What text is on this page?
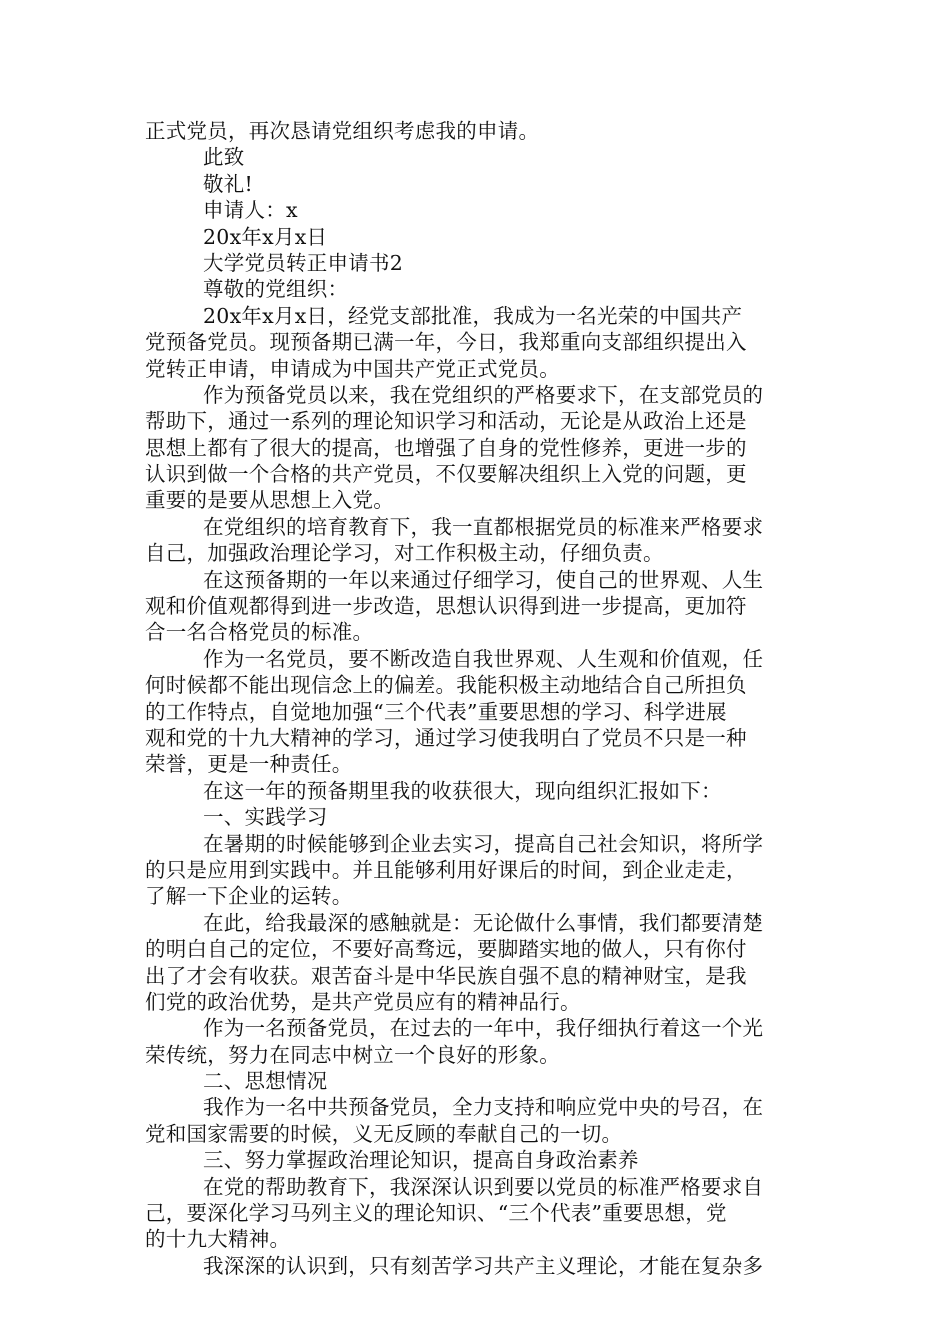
正式党员，再次恳请党组织考虑我的申请。
此致
敬礼!
申请人：x
20x年x月x日
大学党员转正申请书2
尊敬的党组织：
20x年x月x日，经党支部批准，我成为一名光荣的中国共产
党预备党员。现预备期已满一年，今日，我郑重向支部组织提出入
党转正申请，申请成为中国共产党正式党员。
作为预备党员以来，我在党组织的严格要求下，在支部党员的
帮助下，通过一系列的理论知识学习和活动，无论是从政治上还是
思想上都有了很大的提高，也增强了自身的党性修养，更进一步的
认识到做一个合格的共产党员，不仅要解决组织上入党的问题，更
重要的是要从思想上入党。
在党组织的培育教育下，我一直都根据党员的标准来严格要求
自己，加强政治理论学习，对工作积极主动，仔细负责。
在这预备期的一年以来通过仔细学习，使自己的世界观、人生
观和价值观都得到进一步改造，思想认识得到进一步提高，更加符
合一名合格党员的标准。
作为一名党员，要不断改造自我世界观、人生观和价值观，任
何时候都不能出现信念上的偏差。我能积极主动地结合自己所担负
的工作特点，自觉地加强“三个代表”重要思想的学习、科学进展
观和党的十九大精神的学习，通过学习使我明白了党员不只是一种
荣誉，更是一种责任。
在这一年的预备期里我的收获很大，现向组织汇报如下：
一、实践学习
在暑期的时候能够到企业去实习，提高自己社会知识，将所学
的只是应用到实践中。并且能够利用好课后的时间，到企业走走，
了解一下企业的运转。
在此，给我最深的感触就是：无论做什么事情，我们都要清楚
的明白自己的定位，不要好高骛远，要脚踏实地的做人，只有你付
出了才会有收获。艰苦奋斗是中华民族自强不息的精神财宝，是我
们党的政治优势，是共产党员应有的精神品行。
作为一名预备党员，在过去的一年中，我仔细执行着这一个光
荣传统，努力在同志中树立一个良好的形象。
二、思想情况
我作为一名中共预备党员，全力支持和响应党中央的号召，在
党和国家需要的时候，义无反顾的奉献自己的一切。
三、努力掌握政治理论知识，提高自身政治素养
在党的帮助教育下，我深深认识到要以党员的标准严格要求自
己，要深化学习马列主义的理论知识、“三个代表”重要思想，党
的十九大精神。
我深深的认识到，只有刻苦学习共产主义理论，才能在复杂多
